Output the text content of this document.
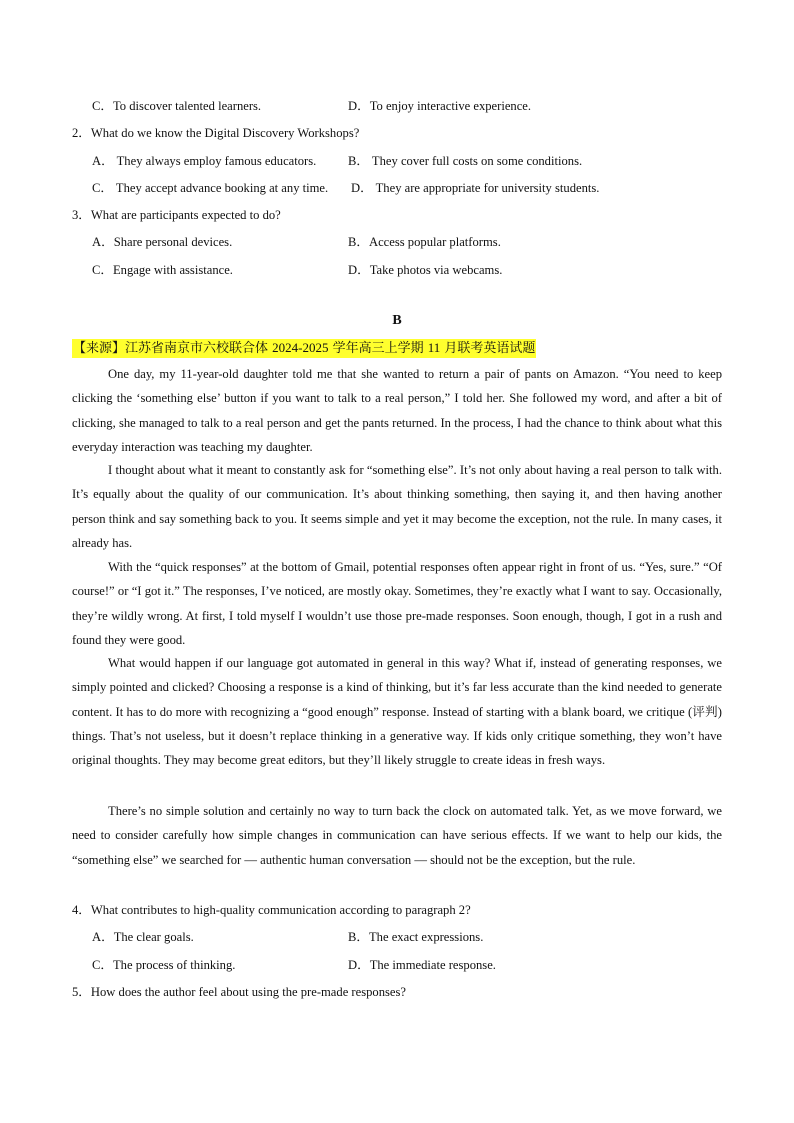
C．To discover talented learners.	D．To enjoy interactive experience.
2．What do we know the Digital Discovery Workshops?
A． They always employ famous educators.	B． They cover full costs on some conditions.
C． They accept advance booking at any time. D． They are appropriate for university students.
3．What are participants expected to do?
A．Share personal devices.	B．Access popular platforms.
C．Engage with assistance.	D．Take photos via webcams.
B
【来源】江苏省南京市六校联合体 2024-2025 学年高三上学期 11 月联考英语试题

One day, my 11-year-old daughter told me that she wanted to return a pair of pants on Amazon. “You need to keep clicking the ‘something else’ button if you want to talk to a real person,” I told her. She followed my word, and after a bit of clicking, she managed to talk to a real person and get the pants returned. In the process, I had the chance to think about what this everyday interaction was teaching my daughter.

I thought about what it meant to constantly ask for “something else”. It’s not only about having a real person to talk with. It’s equally about the quality of our communication. It’s about thinking something, then saying it, and then having another person think and say something back to you. It seems simple and yet it may become the exception, not the rule. In many cases, it already has.

With the “quick responses” at the bottom of Gmail, potential responses often appear right in front of us. “Yes, sure.” “Of course!” or “I got it.” The responses, I’ve noticed, are mostly okay. Sometimes, they’re exactly what I want to say. Occasionally, they’re wildly wrong. At first, I told myself I wouldn’t use those pre-made responses. Soon enough, though, I got in a rush and found they were good.

What would happen if our language got automated in general in this way? What if, instead of generating responses, we simply pointed and clicked? Choosing a response is a kind of thinking, but it’s far less accurate than the kind needed to generate content. It has to do more with recognizing a “good enough” response. Instead of starting with a blank board, we critique (评判) things. That’s not useless, but it doesn’t replace thinking in a generative way. If kids only critique something, they won’t have original thoughts. They may become great editors, but they’ll likely struggle to create ideas in fresh ways.

There’s no simple solution and certainly no way to turn back the clock on automated talk. Yet, as we move forward, we need to consider carefully how simple changes in communication can have serious effects. If we want to help our kids, the “something else” we searched for — authentic human conversation — should not be the exception, but the rule.

4．What contributes to high-quality communication according to paragraph 2?
A．The clear goals.	B．The exact expressions.
C．The process of thinking.	D．The immediate response.
5．How does the author feel about using the pre-made responses?
